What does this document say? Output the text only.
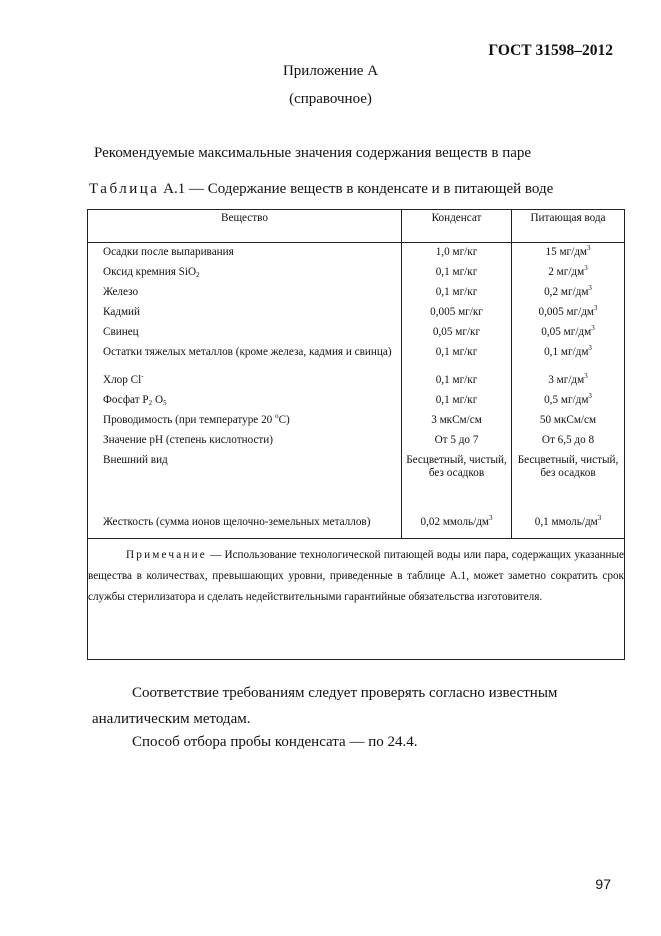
ГОСТ 31598–2012
Приложение А
(справочное)
Рекомендуемые максимальные значения содержания веществ в паре
Таблица А.1 — Содержание веществ в конденсате и в питающей воде
Вещество	Конденсат	Питающая вода
Осадки после выпаривания	1,0 мг/кг	15 $мг/дм^3$
Оксид кремния SiO$_2$	0,1 мг/кг	2 $мг/дм^3$
Железо	0,1 мг/кг	0,2 $мг/дм^3$
Кадмий	0,005 мг/кг	0,005 $мг/дм^3$
Свинец	0,05 мг/кг	0,05 $мг/дм^3$
Остатки тяжелых металлов (кроме железа, кадмия и свинца)	0,1 мг/кг	0,1 $мг/дм^3$
Хлор Cl-	0,1 мг/кг	3 $мг/дм^3$
Фосфат $P_2$ $O_5$	0,1 мг/кг	0,5 $мг/дм^3$
Проводимость (при температуре 20 $^о$С)	3 мкСм/см	50 мкСм/см
Значение pH (степень кислотности)	От 5 до 7	От 6,5 до 8
Внешний вид	Бесцветный, чистый, без осадков	Бесцветный, чистый, без осадков
Жесткость (сумма ионов щелочно-земельных металлов)	0,02 ммоль/$дм^3$	0,1 ммоль/$дм^3$
Примечание — Использование технологической питающей воды или пара, содержащих указанные вещества в количествах, превышающих уровни, приведенные в таблице А.1, может заметно сократить срок службы стерилизатора и сделать недействительными гарантийные обязательства изготовителя.		
Соответствие требованиям следует проверять согласно известным аналитическим методам.
Способ отбора пробы конденсата — по 24.4.
97
